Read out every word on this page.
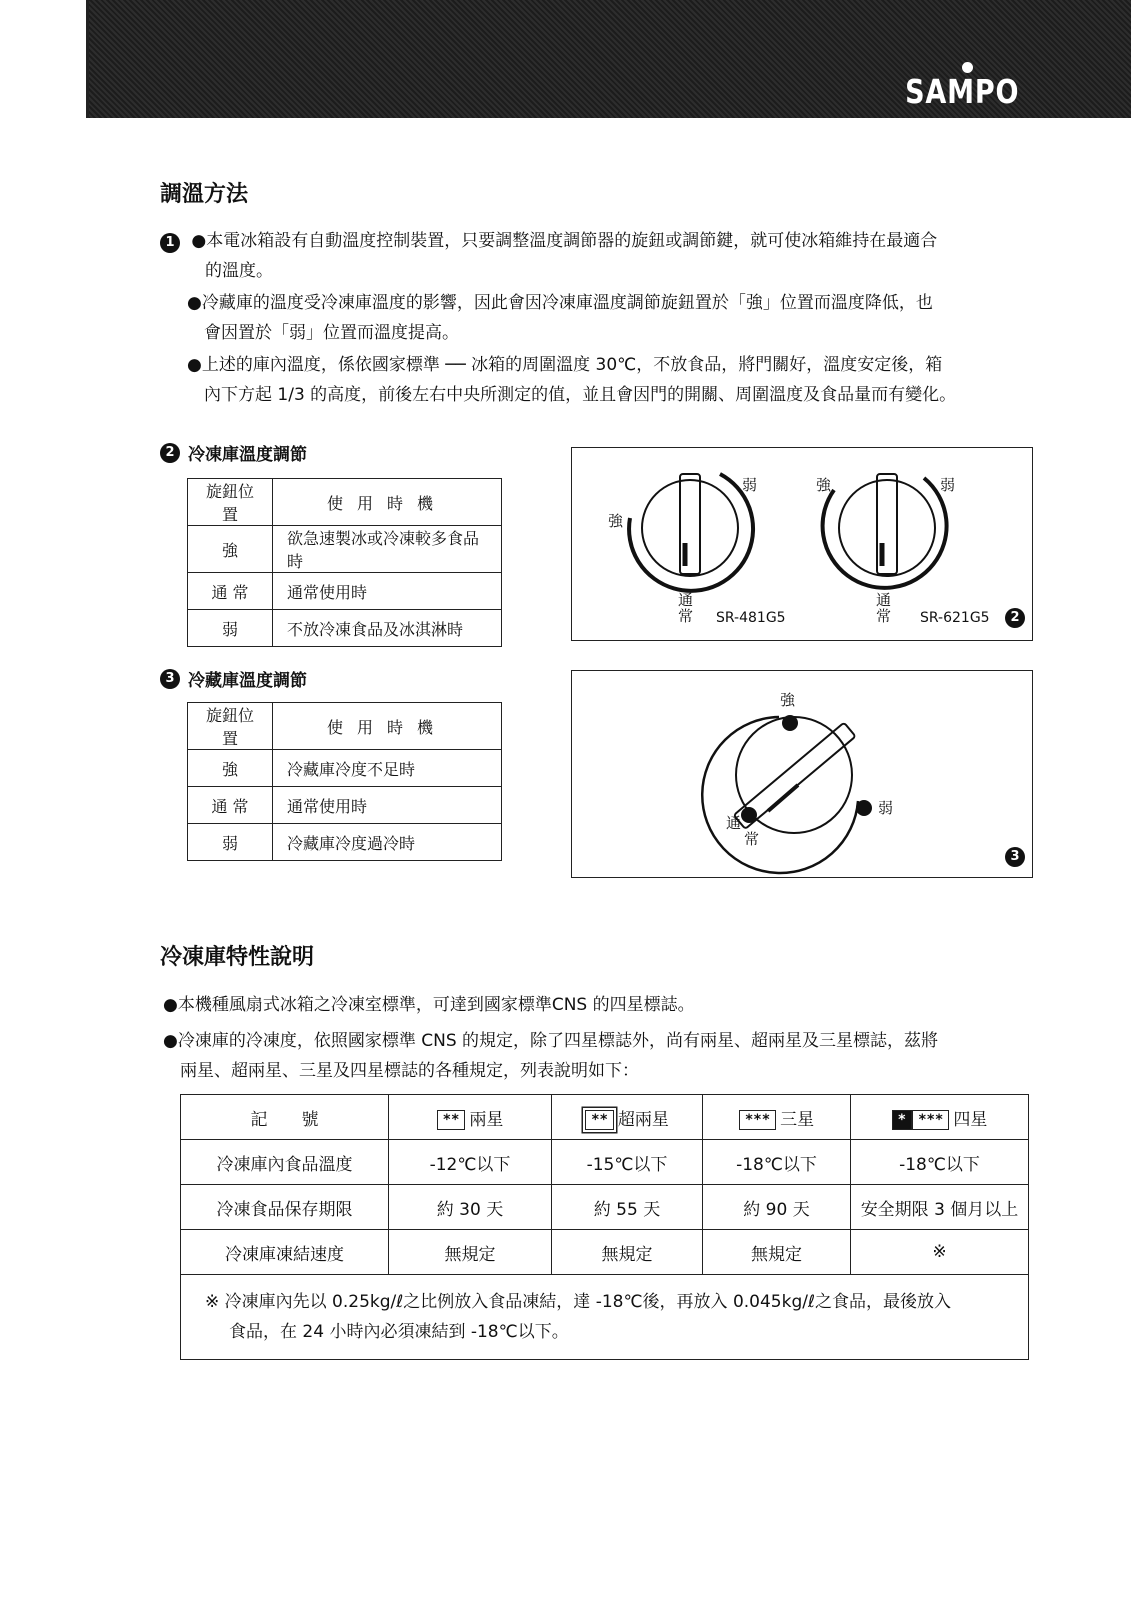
SAMPO
調溫方法
1 ●本電冰箱設有自動溫度控制裝置，只要調整溫度調節器的旋鈕或調節鍵，就可使冰箱維持在最適合
的溫度。
●冷藏庫的溫度受冷凍庫溫度的影響，因此會因冷凍庫溫度調節旋鈕置於「強」位置而溫度降低，也
會因置於「弱」位置而溫度提高。
●上述的庫內溫度，係依國家標準 ── 冰箱的周圍溫度 30℃，不放食品，將門關好，溫度安定後，箱
內下方起 1/3 的高度，前後左右中央所測定的值，並且會因門的開關、周圍溫度及食品量而有變化。
2 冷凍庫溫度調節
旋鈕位置	使用時機
強	欲急速製冰或冷凍較多食品時
通 常	通常使用時
弱	不放冷凍食品及冰淇淋時
強
弱
通
常 SR-481G5
強	弱
通
常 SR-621G5	2
3 冷藏庫溫度調節
旋鈕位置	使用時機
強	冷藏庫冷度不足時
通 常	通常使用時
弱	冷藏庫冷度過冷時
強
弱
通
常
3
冷凍庫特性說明
●本機種風扇式冰箱之冷凍室標準，可達到國家標準CNS 的四星標誌。
●冷凍庫的冷凍度，依照國家標準 CNS 的規定，除了四星標誌外，尚有兩星、超兩星及三星標誌，茲將
兩星、超兩星、三星及四星標誌的各種規定，列表說明如下：
記　　號	** 兩星	** 超兩星	*** 三星	* *** 四星
冷凍庫內食品溫度	-12℃以下	-15℃以下	-18℃以下	-18℃以下
冷凍食品保存期限	約 30 天	約 55 天	約 90 天	安全期限 3 個月以上
冷凍庫凍結速度	無規定	無規定	無規定	※
※ 冷凍庫內先以 0.25kg/ℓ之比例放入食品凍結，達 -18℃後，再放入 0.045kg/ℓ之食品，最後放入
食品，在 24 小時內必須凍結到 -18℃以下。				
